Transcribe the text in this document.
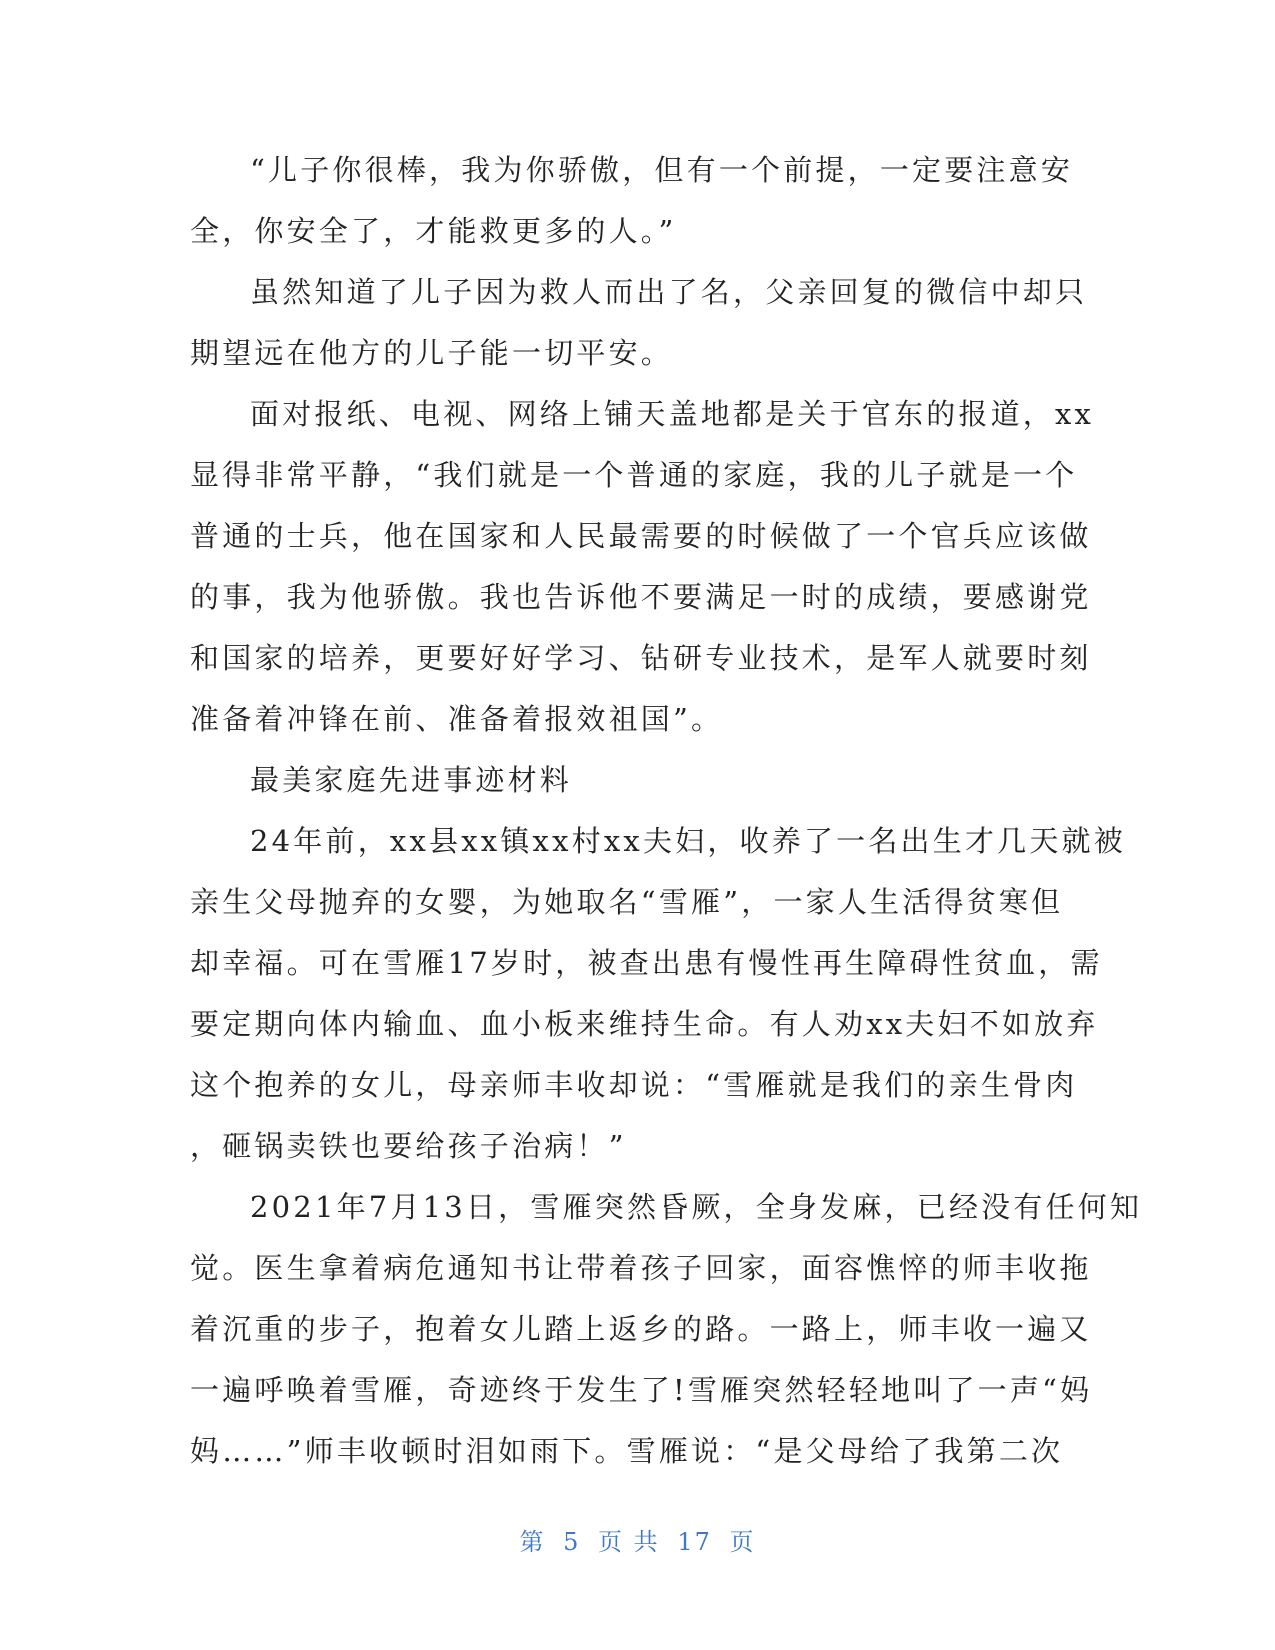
“儿子你很棒，我为你骄傲，但有一个前提，一定要注意安
全，你安全了，才能救更多的人。”
虽然知道了儿子因为救人而出了名，父亲回复的微信中却只
期望远在他方的儿子能一切平安。
面对报纸、电视、网络上铺天盖地都是关于官东的报道，xx
显得非常平静，“我们就是一个普通的家庭，我的儿子就是一个
普通的士兵，他在国家和人民最需要的时候做了一个官兵应该做
的事，我为他骄傲。我也告诉他不要满足一时的成绩，要感谢党
和国家的培养，更要好好学习、钻研专业技术，是军人就要时刻
准备着冲锋在前、准备着报效祖国”。
最美家庭先进事迹材料
24年前，xx县xx镇xx村xx夫妇，收养了一名出生才几天就被
亲生父母抛弃的女婴，为她取名“雪雁”，一家人生活得贫寒但
却幸福。可在雪雁17岁时，被查出患有慢性再生障碍性贫血，需
要定期向体内输血、血小板来维持生命。有人劝xx夫妇不如放弃
这个抱养的女儿，母亲师丰收却说：“雪雁就是我们的亲生骨肉
，砸锅卖铁也要给孩子治病！”
2021年7月13日，雪雁突然昏厥，全身发麻，已经没有任何知
觉。医生拿着病危通知书让带着孩子回家，面容憔悴的师丰收拖
着沉重的步子，抱着女儿踏上返乡的路。一路上，师丰收一遍又
一遍呼唤着雪雁，奇迹终于发生了!雪雁突然轻轻地叫了一声“妈
妈……”师丰收顿时泪如雨下。雪雁说：“是父母给了我第二次
第 5 页 共 17 页
